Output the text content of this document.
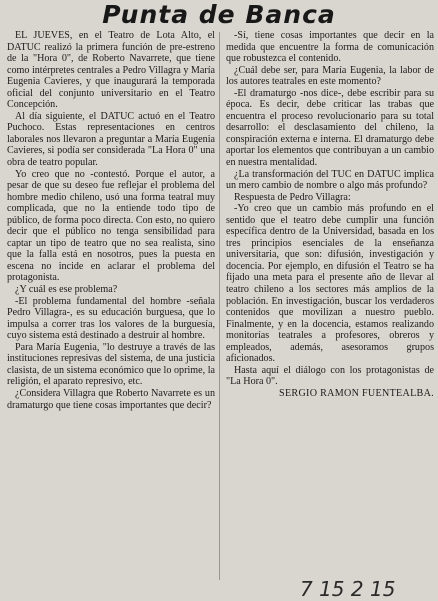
Punta de Banca

EL JUEVES, en el Teatro de Lota Alto, el DATUC realizó la primera función de pre-estreno de la "Hora 0", de Roberto Navarrete, que tiene como intérpretes centrales a Pedro Villagra y María Eugenia Cavieres, y que inaugurará la temporada oficial del conjunto universitario en el Teatro Concepción.

Al día siguiente, el DATUC actuó en el Teatro Puchoco. Estas representaciones en centros laborales nos llevaron a preguntar a María Eugenia Cavieres, si podía ser considerada "La Hora 0" una obra de teatro popular.

Yo creo que no -contestó. Porque el autor, a pesar de que su deseo fue reflejar el problema del hombre medio chileno, usó una forma teatral muy complicada, que no la entiende todo tipo de público, de forma poco directa. Con esto, no quiero decir que el público no tenga sensibilidad para captar un tipo de teatro que no sea realista, sino que la falla está en nosotros, pues la puesta en escena no incide en aclarar el problema del protagonista.

¿Y cuál es ese problema?

-El problema fundamental del hombre -señala Pedro Villagra-, es su educación burguesa, que lo impulsa a correr tras los valores de la burguesía, cuyo sistema está destinado a destruir al hombre.

Para María Eugenia, "lo destruye a través de las instituciones represivas del sistema, de una justicia clasista, de un sistema económico que lo oprime, la religión, el aparato represivo, etc.

¿Considera Villagra que Roberto Navarrete es un dramaturgo que tiene cosas importantes que decir?

-Sí, tiene cosas importantes que decir en la medida que encuentre la forma de comunicación que robustezca el contenido.

¿Cuál debe ser, para María Eugenia, la labor de los autores teatrales en este momento?

-El dramaturgo -nos dice-, debe escribir para su época. Es decir, debe criticar las trabas que encuentra el proceso revolucionario para su total desarrollo: el desclasamiento del chileno, la conspiración externa e interna. El dramaturgo debe aportar los elementos que contribuyan a un cambio en nuestra mentalidad.

¿La transformación del TUC en DATUC implica un mero cambio de nombre o algo más profundo?

Respuesta de Pedro Villagra:

-Yo creo que un cambio más profundo en el sentido que el teatro debe cumplir una función específica dentro de la Universidad, basada en los tres principios esenciales de la enseñanza universitaria, que son: difusión, investigación y docencia. Por ejemplo, en difusión el Teatro se ha fijado una meta para el presente año de llevar al teatro chileno a los sectores más amplios de la población. En investigación, buscar los verdaderos contenidos que movilizan a nuestro pueblo. Finalmente, y en la docencia, estamos realizando monitorías teatrales a profesores, obreros y empleados, además, asesoramos grupos aficionados.

Hasta aquí el diálogo con los protagonistas de "La Hora 0".

SERGIO RAMON FUENTEALBA.

7 15 2 15
